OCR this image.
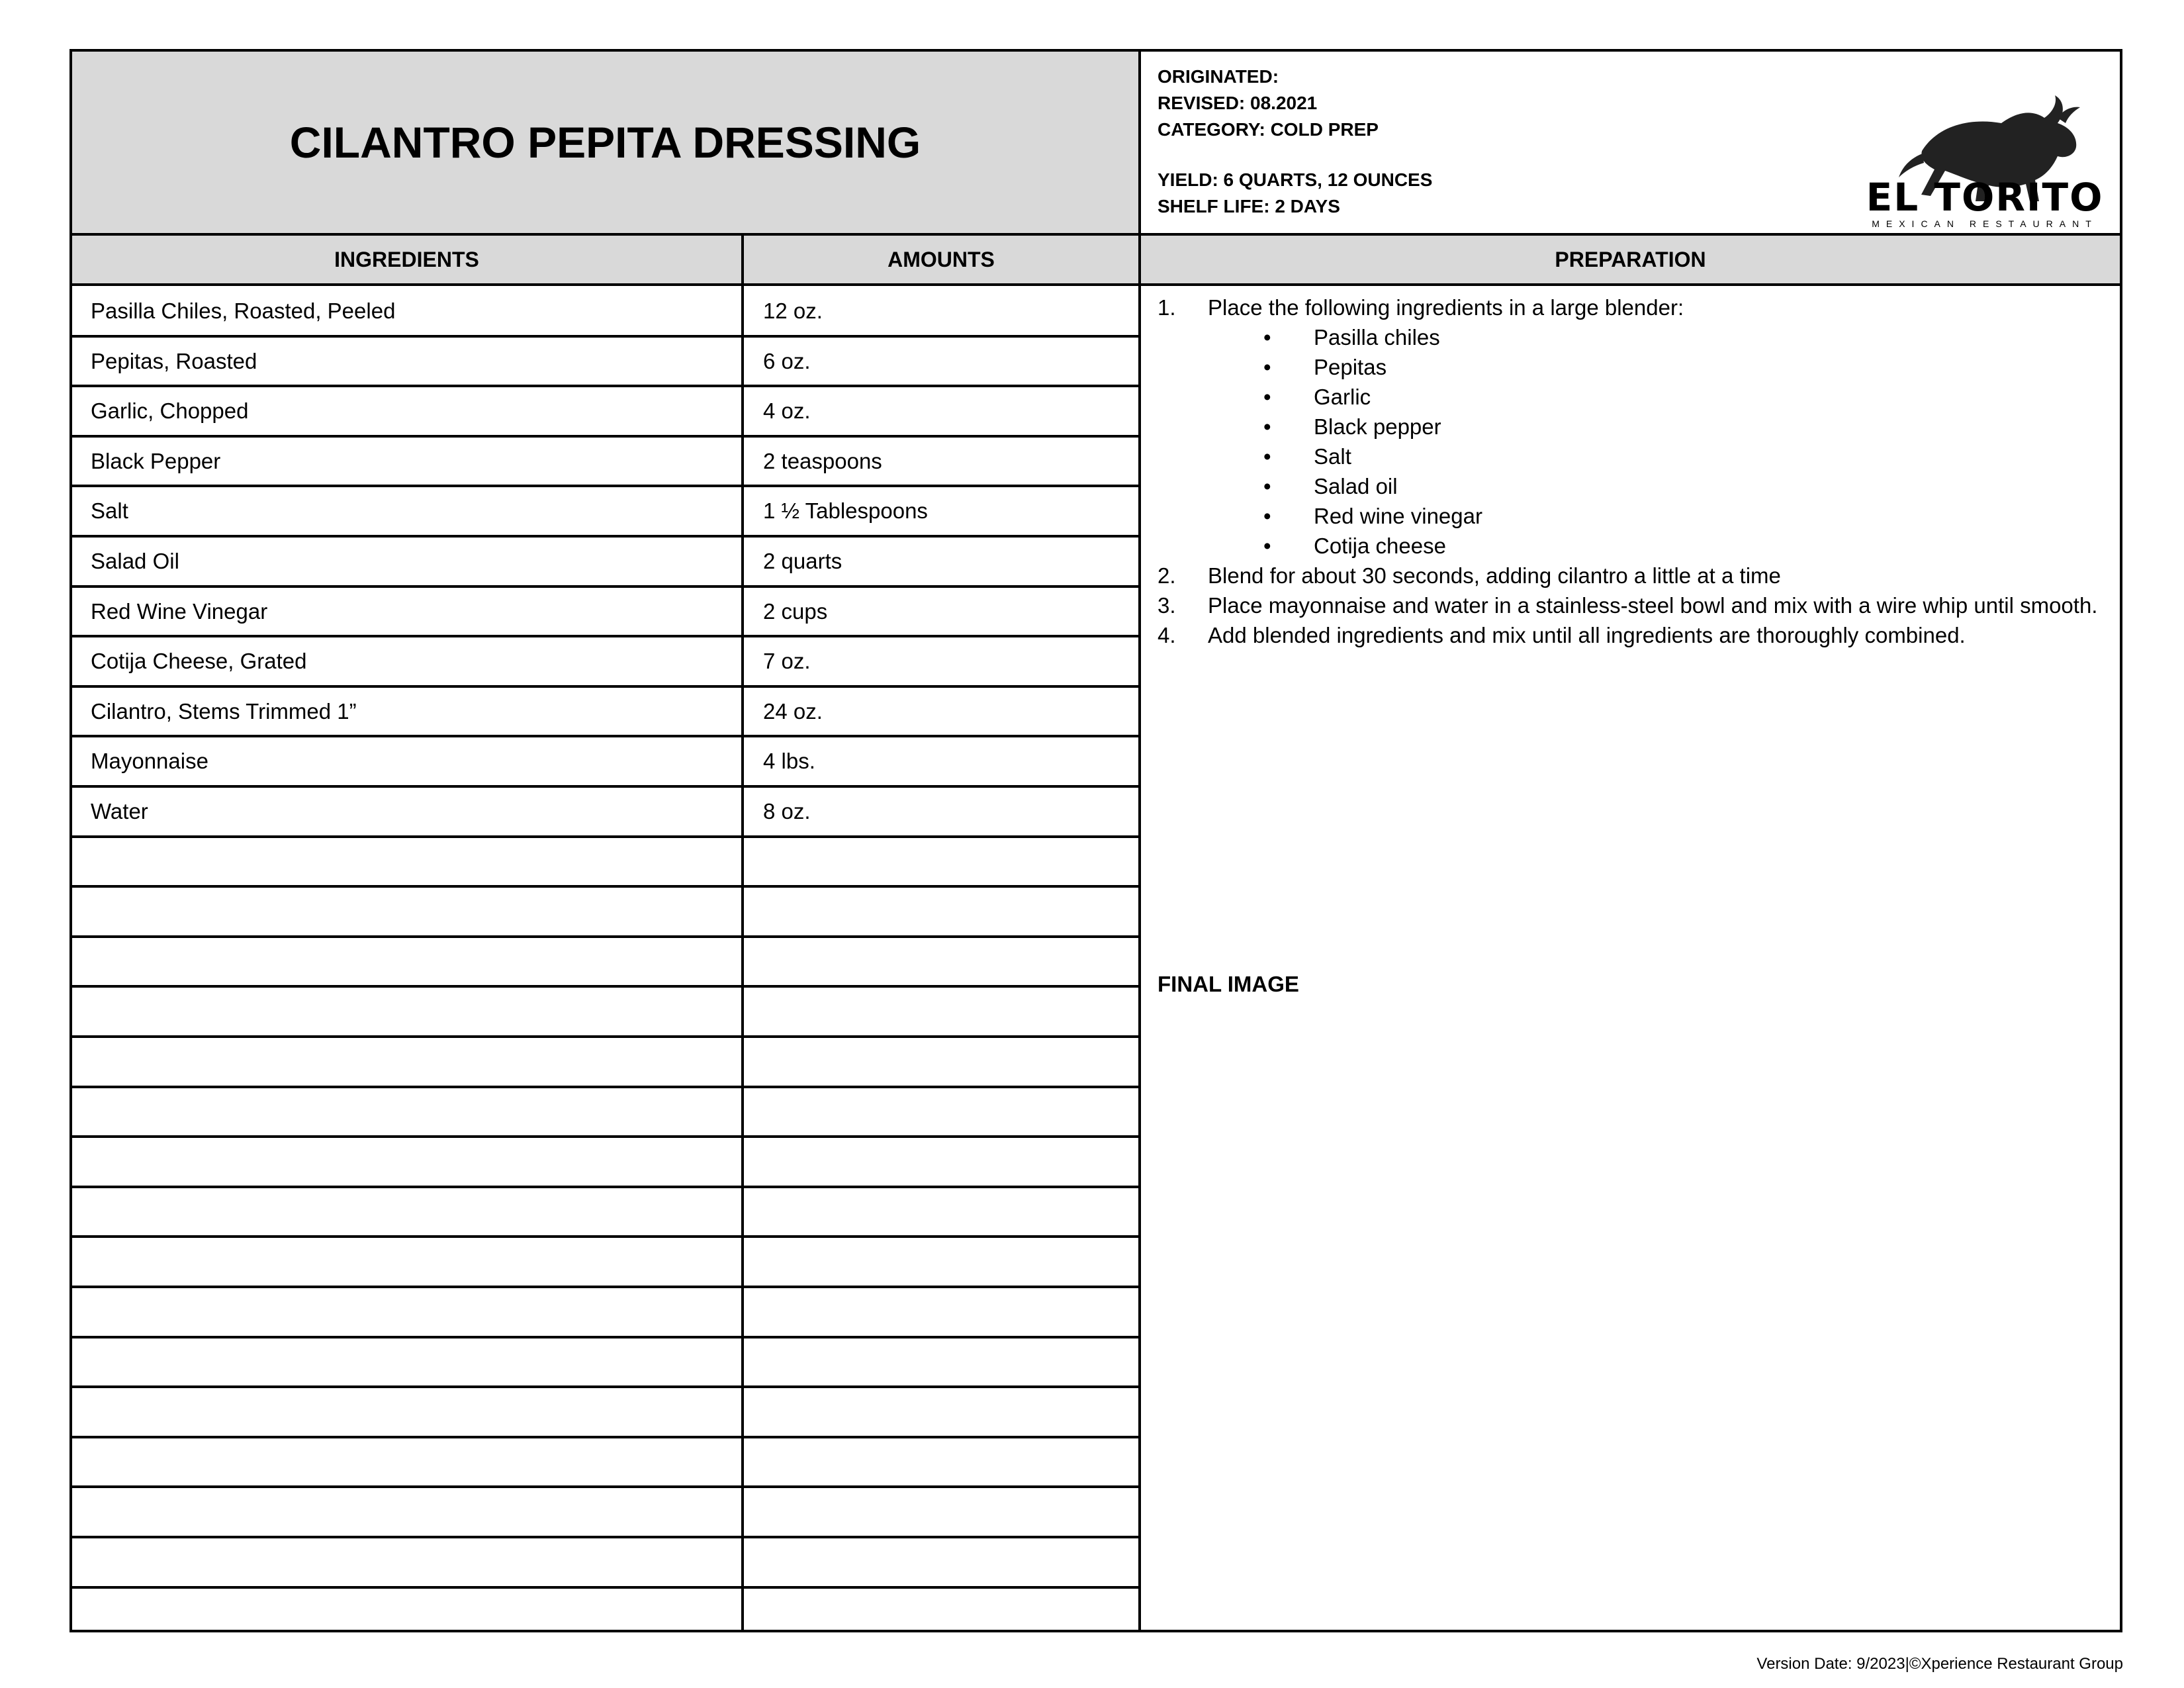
CILANTRO PEPITA DRESSING
ORIGINATED:
REVISED: 08.2021
CATEGORY: COLD PREP
YIELD: 6 QUARTS, 12 OUNCES
SHELF LIFE: 2 DAYS	EL TORITO
MEXICAN RESTAURANT
INGREDIENTS	AMOUNTS	PREPARATION
Pasilla Chiles, Roasted, Peeled	12 oz.
Pepitas, Roasted	6 oz.
Garlic, Chopped	4 oz.
Black Pepper	2 teaspoons
Salt	1 ½ Tablespoons
Salad Oil	2 quarts
Red Wine Vinegar	2 cups
Cotija Cheese, Grated	7 oz.
Cilantro, Stems Trimmed 1”	24 oz.
Mayonnaise	4 lbs.
Water	8 oz.
1.	Place the following ingredients in a large blender:
•	Pasilla chiles
•	Pepitas
•	Garlic
•	Black pepper
•	Salt
•	Salad oil
•	Red wine vinegar
•	Cotija cheese
2.	Blend for about 30 seconds, adding cilantro a little at a time
3.	Place mayonnaise and water in a stainless-steel bowl and mix with a wire whip until smooth.
4.	Add blended ingredients and mix until all ingredients are thoroughly combined.
FINAL IMAGE
Version Date: 9/2023|©Xperience Restaurant Group
